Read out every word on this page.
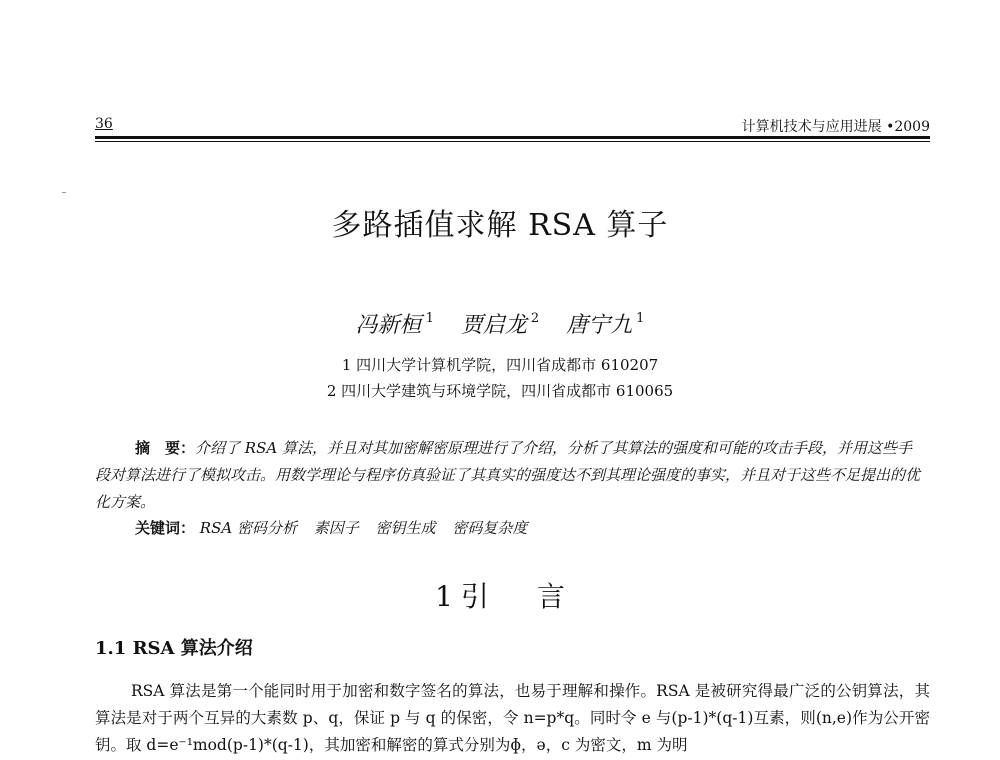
36	计算机技术与应用进展 •2009
多路插值求解 RSA 算子
冯新桓 $^1$ 贾启龙 $^2$ 唐宁九 $^1$
1 四川大学计算机学院，四川省成都市 610207
2 四川大学建筑与环境学院，四川省成都市 610065
摘　要：介绍了 RSA 算法，并且对其加密解密原理进行了介绍，分析了其算法的强度和可能的攻击手段，并用这些手段对算法进行了模拟攻击。用数学理论与程序仿真验证了其真实的强度达不到其理论强度的事实，并且对于这些不足提出的优化方案。
关键词： RSA 密码分析 素因子 密钥生成 密码复杂度
1 引 言
1.1 RSA 算法介绍
RSA 算法是第一个能同时用于加密和数字签名的算法，也易于理解和操作。RSA 是被研究得最广泛的公钥算法，其算法是对于两个互异的大素数 p、q，保证 p 与 q 的保密，令 n=p*q。同时令 e 与(p-1)*(q-1)互素，则(n,e)作为公开密钥。取 d=e⁻¹mod(p-1)*(q-1)，其加密和解密的算式分别为ɸ，ə，c 为密文，m 为明
